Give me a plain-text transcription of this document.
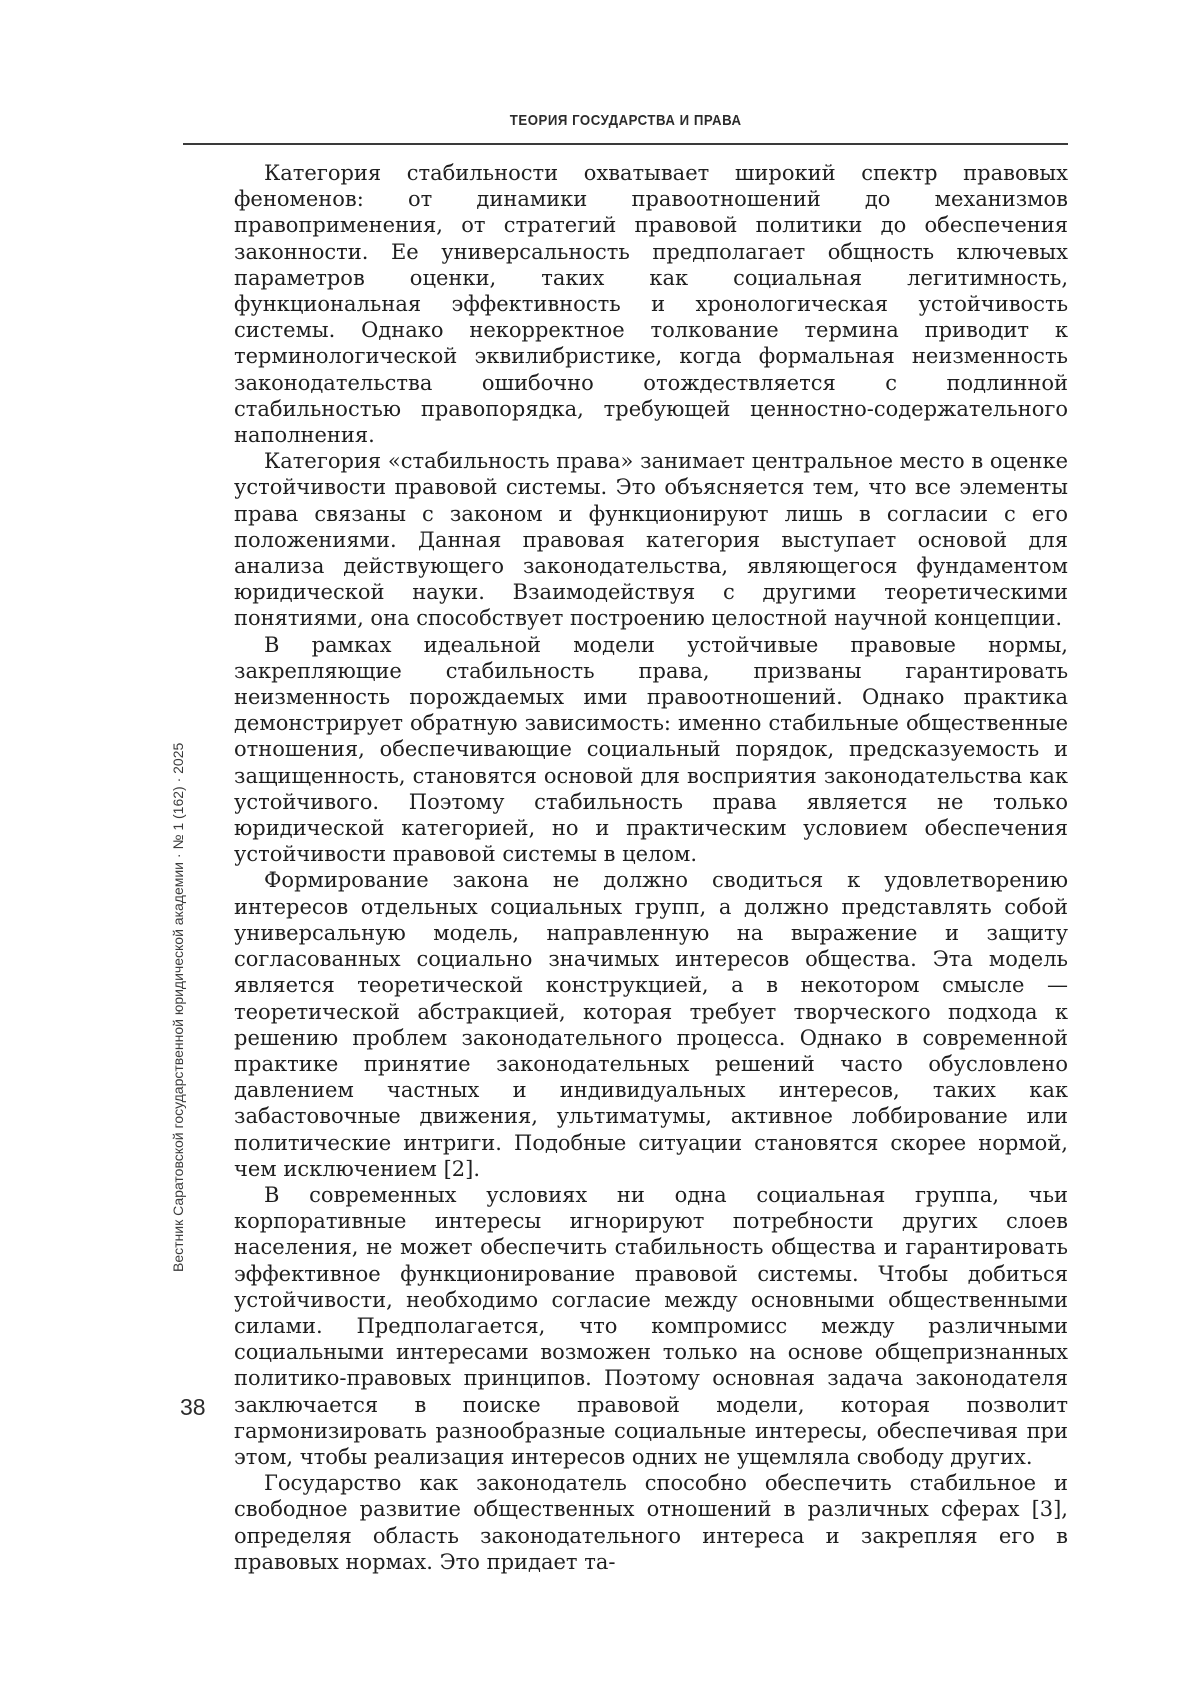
ТЕОРИЯ ГОСУДАРСТВА И ПРАВА

Категория стабильности охватывает широкий спектр правовых феноменов: от динамики правоотношений до механизмов правоприменения, от стратегий правовой политики до обеспечения законности. Ее универсальность предполагает общность ключевых параметров оценки, таких как социальная легитимность, функциональная эффективность и хронологическая устойчивость системы. Однако некорректное толкование термина приводит к терминологической эквилибристике, когда формальная неизменность законодательства ошибочно отождествляется с подлинной стабильностью правопорядка, требующей ценностно-содержательного наполнения.

Категория «стабильность права» занимает центральное место в оценке устойчивости правовой системы. Это объясняется тем, что все элементы права связаны с законом и функционируют лишь в согласии с его положениями. Данная правовая категория выступает основой для анализа действующего законодательства, являющегося фундаментом юридической науки. Взаимодействуя с другими теоретическими понятиями, она способствует построению целостной научной концепции.

В рамках идеальной модели устойчивые правовые нормы, закрепляющие стабильность права, призваны гарантировать неизменность порождаемых ими правоотношений. Однако практика демонстрирует обратную зависимость: именно стабильные общественные отношения, обеспечивающие социальный порядок, предсказуемость и защищенность, становятся основой для восприятия законодательства как устойчивого. Поэтому стабильность права является не только юридической категорией, но и практическим условием обеспечения устойчивости правовой системы в целом.

Формирование закона не должно сводиться к удовлетворению интересов отдельных социальных групп, а должно представлять собой универсальную модель, направленную на выражение и защиту согласованных социально значимых интересов общества. Эта модель является теоретической конструкцией, а в некотором смысле — теоретической абстракцией, которая требует творческого подхода к решению проблем законодательного процесса. Однако в современной практике принятие законодательных решений часто обусловлено давлением частных и индивидуальных интересов, таких как забастовочные движения, ультиматумы, активное лоббирование или политические интриги. Подобные ситуации становятся скорее нормой, чем исключением [2].

В современных условиях ни одна социальная группа, чьи корпоративные интересы игнорируют потребности других слоев населения, не может обеспечить стабильность общества и гарантировать эффективное функционирование правовой системы. Чтобы добиться устойчивости, необходимо согласие между основными общественными силами. Предполагается, что компромисс между различными социальными интересами возможен только на основе общепризнанных политико-правовых принципов. Поэтому основная задача законодателя заключается в поиске правовой модели, которая позволит гармонизировать разнообразные социальные интересы, обеспечивая при этом, чтобы реализация интересов одних не ущемляла свободу других.

Государство как законодатель способно обеспечить стабильное и свободное развитие общественных отношений в различных сферах [3], определяя область законодательного интереса и закрепляя его в правовых нормах. Это придает та-

Вестник Саратовской государственной юридической академии · № 1 (162) · 2025
38
